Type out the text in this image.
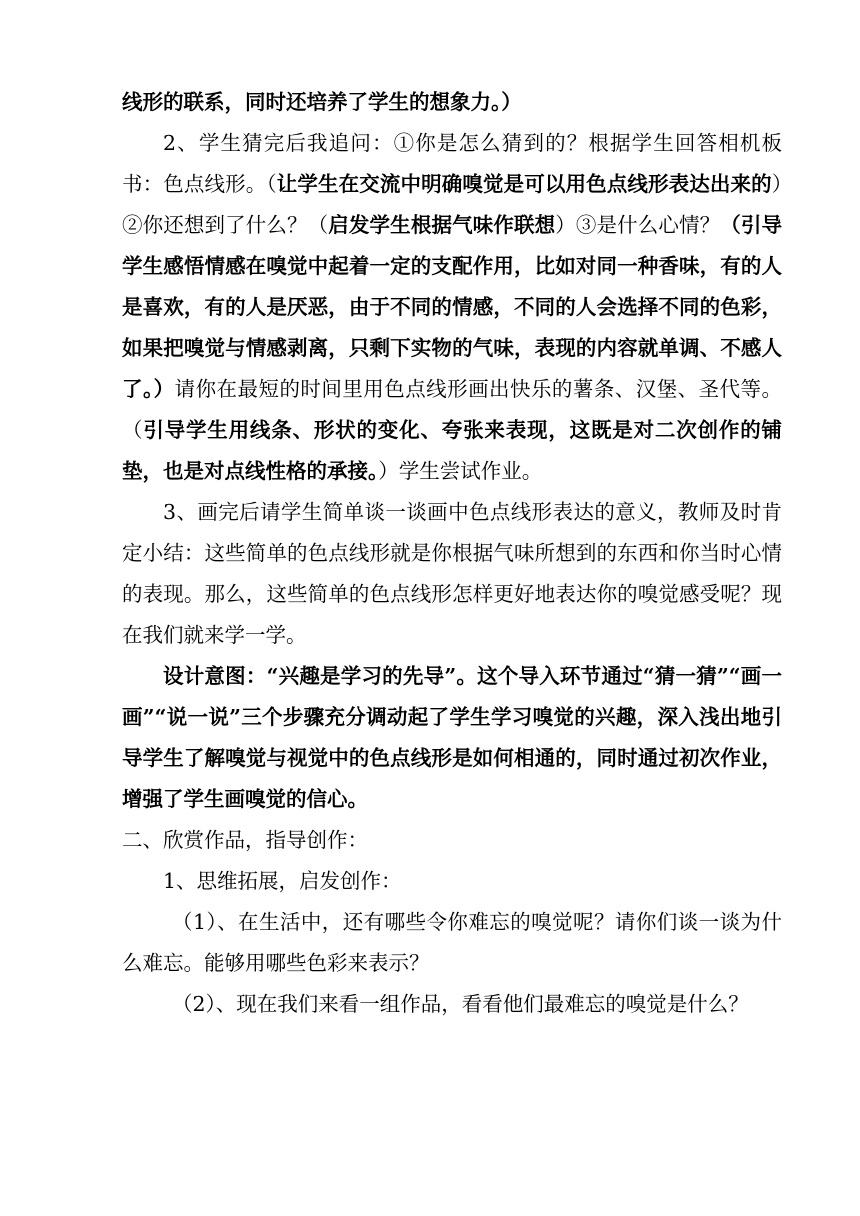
线形的联系，同时还培养了学生的想象力。）

2、学生猜完后我追问：①你是怎么猜到的？根据学生回答相机板书：色点线形。（让学生在交流中明确嗅觉是可以用色点线形表达出来的）②你还想到了什么？（启发学生根据气味作联想）③是什么心情？（引导学生感悟情感在嗅觉中起着一定的支配作用，比如对同一种香味，有的人是喜欢，有的人是厌恶，由于不同的情感，不同的人会选择不同的色彩，如果把嗅觉与情感剥离，只剩下实物的气味，表现的内容就单调、不感人了。）请你在最短的时间里用色点线形画出快乐的薯条、汉堡、圣代等。（引导学生用线条、形状的变化、夸张来表现，这既是对二次创作的铺垫，也是对点线性格的承接。）学生尝试作业。

3、画完后请学生简单谈一谈画中色点线形表达的意义，教师及时肯定小结：这些简单的色点线形就是你根据气味所想到的东西和你当时心情的表现。那么，这些简单的色点线形怎样更好地表达你的嗅觉感受呢？现在我们就来学一学。

设计意图：“兴趣是学习的先导”。这个导入环节通过“猜一猜”“画一画”“说一说”三个步骤充分调动起了学生学习嗅觉的兴趣，深入浅出地引导学生了解嗅觉与视觉中的色点线形是如何相通的，同时通过初次作业，增强了学生画嗅觉的信心。

二、欣赏作品，指导创作：

1、思维拓展，启发创作：

（1）、在生活中，还有哪些令你难忘的嗅觉呢？请你们谈一谈为什么难忘。能够用哪些色彩来表示？

（2）、现在我们来看一组作品，看看他们最难忘的嗅觉是什么？
